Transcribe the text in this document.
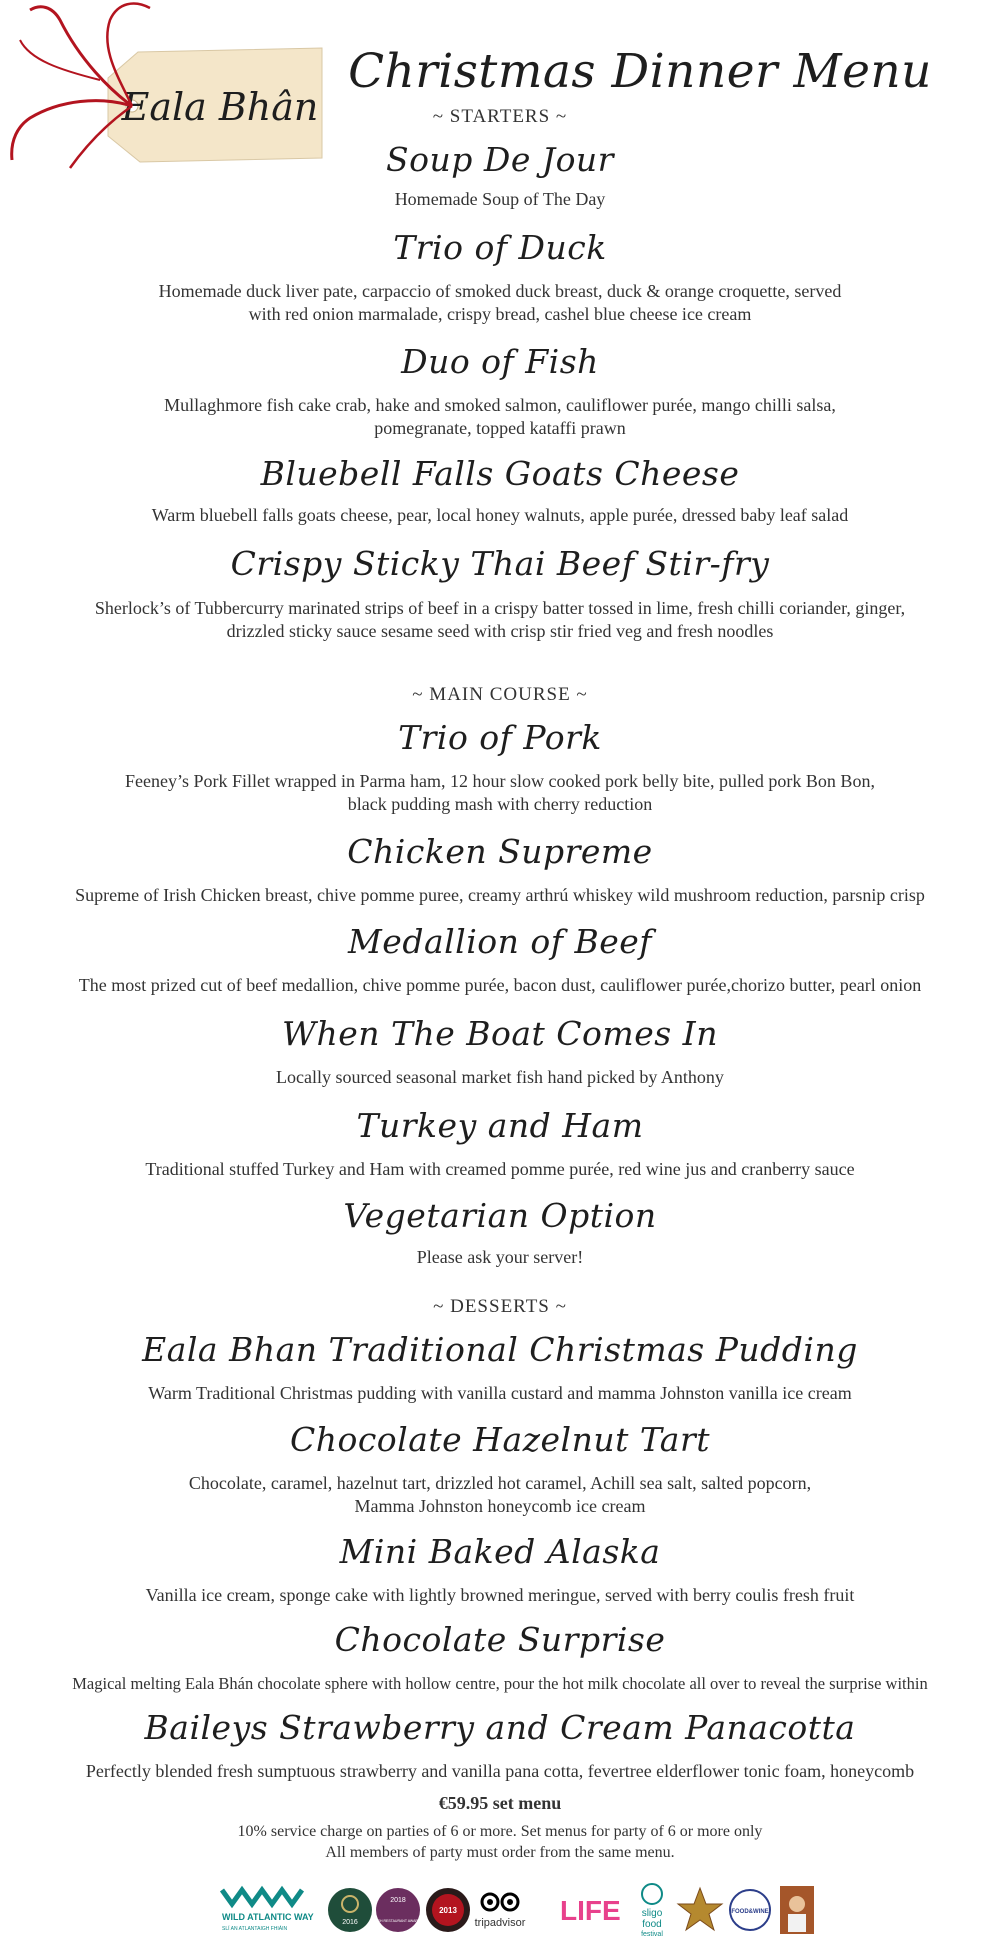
Eala Bhân
Christmas Dinner Menu
~ STARTERS ~
Soup De Jour
Homemade Soup of The Day
Trio of Duck
Homemade duck liver pate, carpaccio of smoked duck breast, duck & orange croquette, served
with red onion marmalade, crispy bread, cashel blue cheese ice cream
Duo of Fish
Mullaghmore fish cake crab, hake and smoked salmon, cauliflower purée, mango chilli salsa,
pomegranate, topped kataffi prawn
Bluebell Falls Goats Cheese
Warm bluebell falls goats cheese, pear, local honey walnuts, apple purée, dressed baby leaf salad
Crispy Sticky Thai Beef Stir-fry
Sherlock’s of Tubbercurry marinated strips of beef in a crispy batter tossed in lime, fresh chilli coriander, ginger,
drizzled sticky sauce sesame seed with crisp stir fried veg and fresh noodles
~ MAIN COURSE ~
Trio of Pork
Feeney’s Pork Fillet wrapped in Parma ham, 12 hour slow cooked pork belly bite, pulled pork Bon Bon,
black pudding mash with cherry reduction
Chicken Supreme
Supreme of Irish Chicken breast, chive pomme puree, creamy arthrú whiskey wild mushroom reduction, parsnip crisp
Medallion of Beef
The most prized cut of beef medallion, chive pomme purée, bacon dust, cauliflower purée,chorizo butter, pearl onion
When The Boat Comes In
Locally sourced seasonal market fish hand picked by Anthony
Turkey and Ham
Traditional stuffed Turkey and Ham with creamed pomme purée, red wine jus and cranberry sauce
Vegetarian Option
Please ask your server!
~ DESSERTS ~
Eala Bhan Traditional Christmas Pudding
Warm Traditional Christmas pudding with vanilla custard and mamma Johnston vanilla ice cream
Chocolate Hazelnut Tart
Chocolate, caramel, hazelnut tart, drizzled hot caramel, Achill sea salt, salted popcorn,
Mamma Johnston honeycomb ice cream
Mini Baked Alaska
Vanilla ice cream, sponge cake with lightly browned meringue, served with berry coulis fresh fruit
Chocolate Surprise
Magical melting Eala Bhán chocolate sphere with hollow centre, pour the hot milk chocolate all over to reveal the surprise within
Baileys Strawberry and Cream Panacotta
Perfectly blended fresh sumptuous strawberry and vanilla pana cotta, fevertree elderflower tonic foam, honeycomb
€59.95 set menu
10% service charge on parties of 6 or more. Set menus for party of 6 or more only
All members of party must order from the same menu.
WILD ATLANTIC WAY
SLÍ AN ATLANTAIGH FHIÁIN
2016
2018
IRISH RESTAURANT AWARDS
2013
tripadvisor LIFE sligo
food
festival
FOOD&WINE
